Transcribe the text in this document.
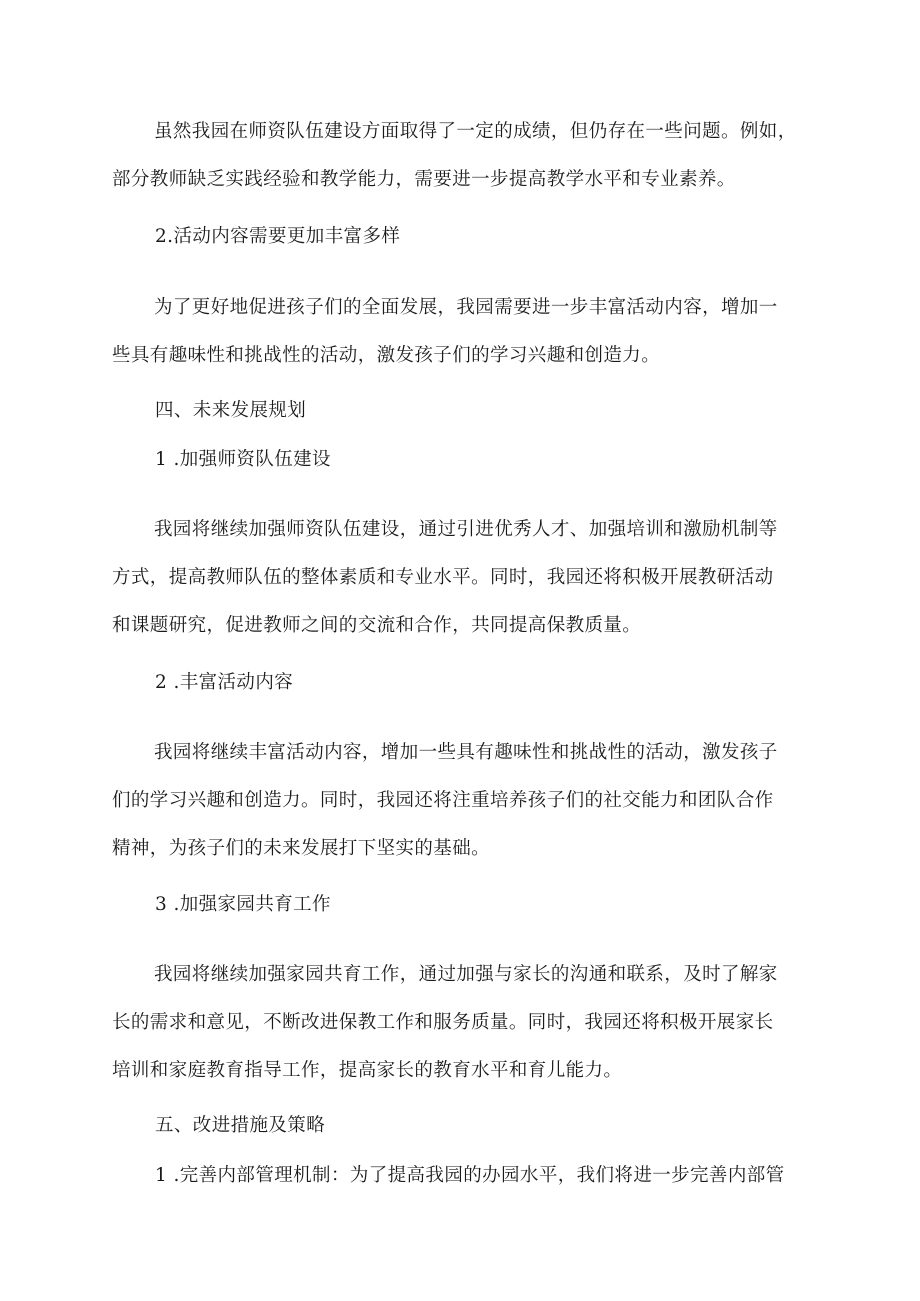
虽然我园在师资队伍建设方面取得了一定的成绩，但仍存在一些问题。例如，
部分教师缺乏实践经验和教学能力，需要进一步提高教学水平和专业素养。

2.活动内容需要更加丰富多样

为了更好地促进孩子们的全面发展，我园需要进一步丰富活动内容，增加一
些具有趣味性和挑战性的活动，激发孩子们的学习兴趣和创造力。

四、未来发展规划

1 .加强师资队伍建设

我园将继续加强师资队伍建设，通过引进优秀人才、加强培训和激励机制等
方式，提高教师队伍的整体素质和专业水平。同时，我园还将积极开展教研活动
和课题研究，促进教师之间的交流和合作，共同提高保教质量。

2 .丰富活动内容

我园将继续丰富活动内容，增加一些具有趣味性和挑战性的活动，激发孩子
们的学习兴趣和创造力。同时，我园还将注重培养孩子们的社交能力和团队合作
精神，为孩子们的未来发展打下坚实的基础。

3 .加强家园共育工作

我园将继续加强家园共育工作，通过加强与家长的沟通和联系，及时了解家
长的需求和意见，不断改进保教工作和服务质量。同时，我园还将积极开展家长
培训和家庭教育指导工作，提高家长的教育水平和育儿能力。

五、改进措施及策略

1 .完善内部管理机制：为了提高我园的办园水平，我们将进一步完善内部管
